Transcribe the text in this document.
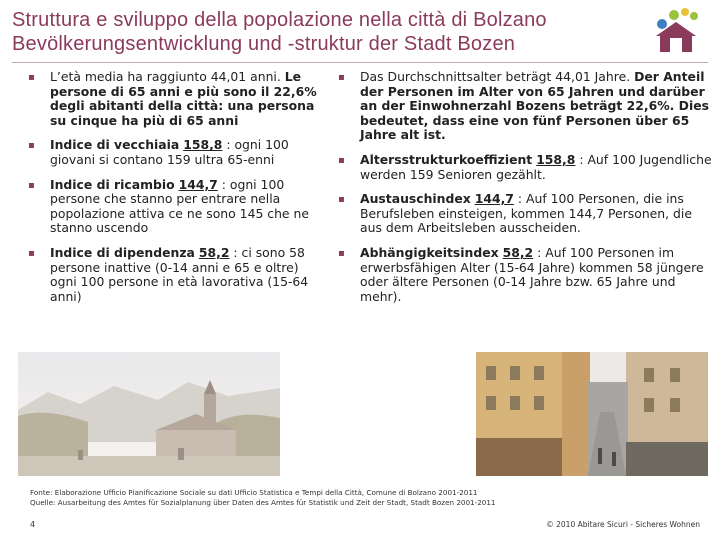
Struttura e sviluppo della popolazione nella città di Bolzano
Bevölkerungsentwicklung und -struktur der Stadt Bozen
▪ L’età media ha raggiunto 44,01 anni. Le persone di 65 anni e più sono il 22,6% degli abitanti della città: una persona su cinque ha più di 65 anni
▪ Indice di vecchiaia 158,8 : ogni 100 giovani si contano 159 ultra 65-enni
▪ Indice di ricambio 144,7 : ogni 100 persone che stanno per entrare nella popolazione attiva ce ne sono 145 che ne stanno uscendo
▪ Indice di dipendenza 58,2 : ci sono 58 persone inattive (0-14 anni e 65 e oltre) ogni 100 persone in età lavorativa (15-64 anni)
▪ Das Durchschnittsalter beträgt 44,01 Jahre. Der Anteil der Personen im Alter von 65 Jahren und darüber an der Einwohnerzahl Bozens beträgt 22,6%. Dies bedeutet, dass eine von fünf Personen über 65 Jahre alt ist.
▪ Altersstrukturkoeffizient 158,8 : Auf 100 Jugendliche werden 159 Senioren gezählt.
▪ Austauschindex 144,7 : Auf 100 Personen, die ins Berufsleben einsteigen, kommen 144,7 Personen, die aus dem Arbeitsleben ausscheiden.
▪ Abhängigkeitsindex 58,2 : Auf 100 Personen im erwerbsfähigen Alter (15-64 Jahre) kommen 58 jüngere oder ältere Personen (0-14 Jahre bzw. 65 Jahre und mehr).
Fonte: Elaborazione Ufficio Pianificazione Sociale su dati Ufficio Statistica e Tempi della Città, Comune di Bolzano 2001-2011
Quelle: Ausarbeitung des Amtes für Sozialplanung über Daten des Amtes für Statistik und Zeit der Stadt, Stadt Bozen 2001-2011
4	© 2010 Abitare Sicuri - Sicheres Wohnen
